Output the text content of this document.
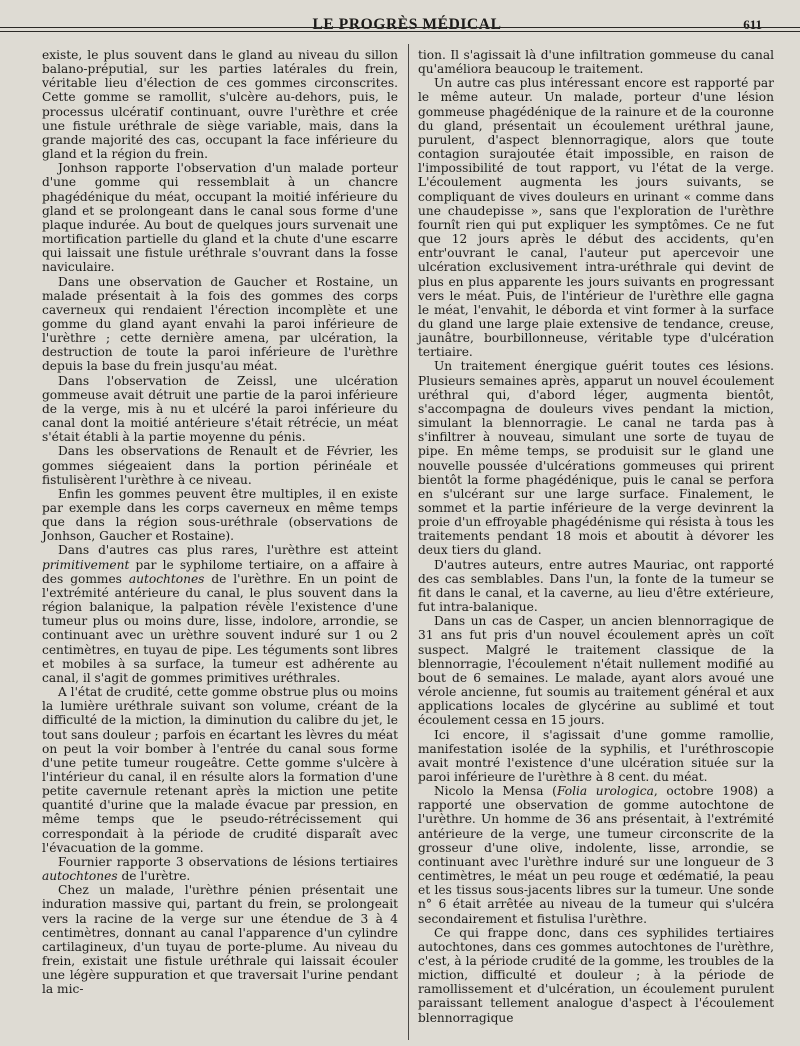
LE PROGRÈS MÉDICAL	611

existe, le plus souvent dans le gland au niveau du sillon balano-préputial, sur les parties latérales du frein, véritable lieu d'élection de ces gommes circonscrites. Cette gomme se ramollit, s'ulcère au-dehors, puis, le processus ulcératif continuant, ouvre l'urèthre et crée une fistule uréthrale de siège variable, mais, dans la grande majorité des cas, occupant la face inférieure du gland et la région du frein.

Jonhson rapporte l'observation d'un malade porteur d'une gomme qui ressemblait à un chancre phagédénique du méat, occupant la moitié inférieure du gland et se prolongeant dans le canal sous forme d'une plaque indurée. Au bout de quelques jours survenait une mortification partielle du gland et la chute d'une escarre qui laissait une fistule uréthrale s'ouvrant dans la fosse naviculaire.

Dans une observation de Gaucher et Rostaine, un malade présentait à la fois des gommes des corps caverneux qui rendaient l'érection incomplète et une gomme du gland ayant envahi la paroi inférieure de l'urèthre ; cette dernière amena, par ulcération, la destruction de toute la paroi inférieure de l'urèthre depuis la base du frein jusqu'au méat.

Dans l'observation de Zeissl, une ulcération gommeuse avait détruit une partie de la paroi inférieure de la verge, mis à nu et ulcéré la paroi inférieure du canal dont la moitié antérieure s'était rétrécie, un méat s'était établi à la partie moyenne du pénis.

Dans les observations de Renault et de Février, les gommes siégeaient dans la portion périnéale et fistulisèrent l'urèthre à ce niveau.

Enfin les gommes peuvent être multiples, il en existe par exemple dans les corps caverneux en même temps que dans la région sous-uréthrale (observations de Jonhson, Gaucher et Rostaine).

Dans d'autres cas plus rares, l'urèthre est atteint primitivement par le syphilome tertiaire, on a affaire à des gommes autochtones de l'urèthre. En un point de l'extrémité antérieure du canal, le plus souvent dans la région balanique, la palpation révèle l'existence d'une tumeur plus ou moins dure, lisse, indolore, arrondie, se continuant avec un urèthre souvent induré sur 1 ou 2 centimètres, en tuyau de pipe. Les téguments sont libres et mobiles à sa surface, la tumeur est adhérente au canal, il s'agit de gommes primitives uréthrales.

A l'état de crudité, cette gomme obstrue plus ou moins la lumière uréthrale suivant son volume, créant de la difficulté de la miction, la diminution du calibre du jet, le tout sans douleur ; parfois en écartant les lèvres du méat on peut la voir bomber à l'entrée du canal sous forme d'une petite tumeur rougeâtre. Cette gomme s'ulcère à l'intérieur du canal, il en résulte alors la formation d'une petite cavernule retenant après la miction une petite quantité d'urine que la malade évacue par pression, en même temps que le pseudo-rétrécissement qui correspondait à la période de crudité disparaît avec l'évacuation de la gomme.

Fournier rapporte 3 observations de lésions tertiaires autochtones de l'urètre.

Chez un malade, l'urèthre pénien présentait une induration massive qui, partant du frein, se prolongeait vers la racine de la verge sur une étendue de 3 à 4 centimètres, donnant au canal l'apparence d'un cylindre cartilagineux, d'un tuyau de porte-plume. Au niveau du frein, existait une fistule uréthrale qui laissait écouler une légère suppuration et que traversait l'urine pendant la mic-

tion. Il s'agissait là d'une infiltration gommeuse du canal qu'améliora beaucoup le traitement.

Un autre cas plus intéressant encore est rapporté par le même auteur. Un malade, porteur d'une lésion gommeuse phagédénique de la rainure et de la couronne du gland, présentait un écoulement uréthral jaune, purulent, d'aspect blennorragique, alors que toute contagion surajoutée était impossible, en raison de l'impossibilité de tout rapport, vu l'état de la verge. L'écoulement augmenta les jours suivants, se compliquant de vives douleurs en urinant « comme dans une chaudepisse », sans que l'exploration de l'urèthre fournît rien qui put expliquer les symptômes. Ce ne fut que 12 jours après le début des accidents, qu'en entr'ouvrant le canal, l'auteur put apercevoir une ulcération exclusivement intra-uréthrale qui devint de plus en plus apparente les jours suivants en progressant vers le méat. Puis, de l'intérieur de l'urèthre elle gagna le méat, l'envahit, le déborda et vint former à la surface du gland une large plaie extensive de tendance, creuse, jaunâtre, bourbillonneuse, véritable type d'ulcération tertiaire.

Un traitement énergique guérit toutes ces lésions. Plusieurs semaines après, apparut un nouvel écoulement uréthral qui, d'abord léger, augmenta bientôt, s'accompagna de douleurs vives pendant la miction, simulant la blennorragie. Le canal ne tarda pas à s'infiltrer à nouveau, simulant une sorte de tuyau de pipe. En même temps, se produisit sur le gland une nouvelle poussée d'ulcérations gommeuses qui prirent bientôt la forme phagédénique, puis le canal se perfora en s'ulcérant sur une large surface. Finalement, le sommet et la partie inférieure de la verge devinrent la proie d'un effroyable phagédénisme qui résista à tous les traitements pendant 18 mois et aboutit à dévorer les deux tiers du gland.

D'autres auteurs, entre autres Mauriac, ont rapporté des cas semblables. Dans l'un, la fonte de la tumeur se fit dans le canal, et la caverne, au lieu d'être extérieure, fut intra-balanique.

Dans un cas de Casper, un ancien blennorragique de 31 ans fut pris d'un nouvel écoulement après un coït suspect. Malgré le traitement classique de la blennorragie, l'écoulement n'était nullement modifié au bout de 6 semaines. Le malade, ayant alors avoué une vérole ancienne, fut soumis au traitement général et aux applications locales de glycérine au sublimé et tout écoulement cessa en 15 jours.

Ici encore, il s'agissait d'une gomme ramollie, manifestation isolée de la syphilis, et l'uréthroscopie avait montré l'existence d'une ulcération située sur la paroi inférieure de l'urèthre à 8 cent. du méat.

Nicolo la Mensa (Folia urologica, octobre 1908) a rapporté une observation de gomme autochtone de l'urèthre. Un homme de 36 ans présentait, à l'extrémité antérieure de la verge, une tumeur circonscrite de la grosseur d'une olive, indolente, lisse, arrondie, se continuant avec l'urèthre induré sur une longueur de 3 centimètres, le méat un peu rouge et œdématié, la peau et les tissus sous-jacents libres sur la tumeur. Une sonde n° 6 était arrêtée au niveau de la tumeur qui s'ulcéra secondairement et fistulisa l'urèthre.

Ce qui frappe donc, dans ces syphilides tertiaires autochtones, dans ces gommes autochtones de l'urèthre, c'est, à la période crudité de la gomme, les troubles de la miction, difficulté et douleur ; à la période de ramollissement et d'ulcération, un écoulement purulent paraissant tellement analogue d'aspect à l'écoulement blennorragique
